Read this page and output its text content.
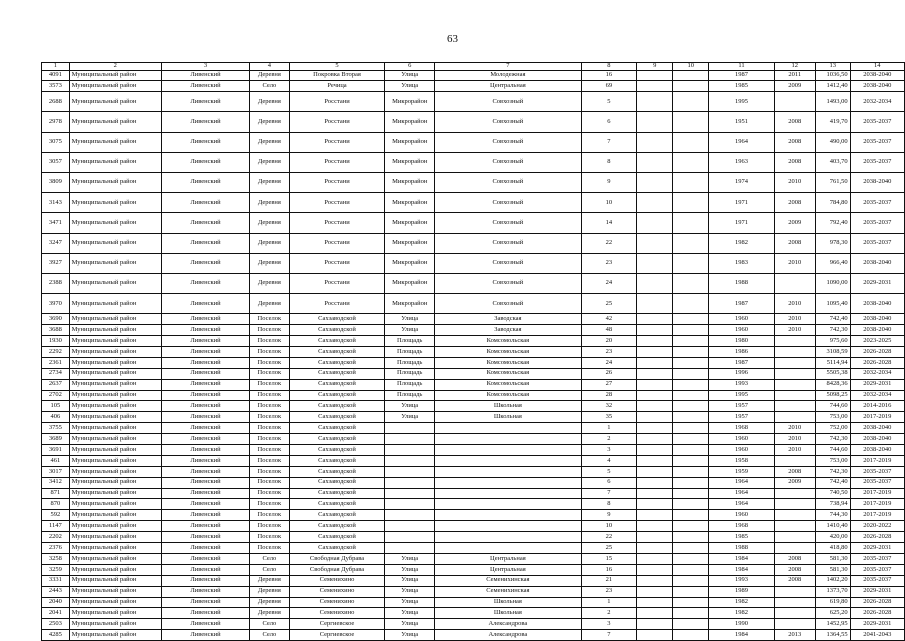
63
1	2	3	4	5	6	7	8	9	10	11	12	13	14
4091	Муниципальный район	Ливенский	Деревня	Покровка Вторая	Улица	Молодежная	16			1987	2011	1036,50	2038-2040
3573	Муниципальный район	Ливенский	Село	Речица	Улица	Центральная	69			1985	2009	1412,40	2038-2040
2688	Муниципальный район	Ливенский	Деревня	Росстани	Микрорайон	Совхозный	5			1995		1493,00	2032-2034
2978	Муниципальный район	Ливенский	Деревня	Росстани	Микрорайон	Совхозный	6			1951	2008	419,70	2035-2037
3075	Муниципальный район	Ливенский	Деревня	Росстани	Микрорайон	Совхозный	7			1964	2008	490,00	2035-2037
3057	Муниципальный район	Ливенский	Деревня	Росстани	Микрорайон	Совхозный	8			1963	2008	403,70	2035-2037
3809	Муниципальный район	Ливенский	Деревня	Росстани	Микрорайон	Совхозный	9			1974	2010	761,50	2038-2040
3143	Муниципальный район	Ливенский	Деревня	Росстани	Микрорайон	Совхозный	10			1971	2008	784,80	2035-2037
3471	Муниципальный район	Ливенский	Деревня	Росстани	Микрорайон	Совхозный	14			1971	2009	792,40	2035-2037
3247	Муниципальный район	Ливенский	Деревня	Росстани	Микрорайон	Совхозный	22			1982	2008	978,30	2035-2037
3927	Муниципальный район	Ливенский	Деревня	Росстани	Микрорайон	Совхозный	23			1983	2010	966,40	2038-2040
2388	Муниципальный район	Ливенский	Деревня	Росстани	Микрорайон	Совхозный	24			1988		1090,00	2029-2031
3970	Муниципальный район	Ливенский	Деревня	Росстани	Микрорайон	Совхозный	25			1987	2010	1095,40	2038-2040
3690	Муниципальный район	Ливенский	Поселок	Сахзаводской	Улица	Заводская	42			1960	2010	742,40	2038-2040
3688	Муниципальный район	Ливенский	Поселок	Сахзаводской	Улица	Заводская	48			1960	2010	742,30	2038-2040
1930	Муниципальный район	Ливенский	Поселок	Сахзаводской	Площадь	Комсомольская	20			1980		975,60	2023-2025
2292	Муниципальный район	Ливенский	Поселок	Сахзаводской	Площадь	Комсомольская	23			1986		3108,59	2026-2028
2361	Муниципальный район	Ливенский	Поселок	Сахзаводской	Площадь	Комсомольская	24			1987		5114,94	2026-2028
2734	Муниципальный район	Ливенский	Поселок	Сахзаводской	Площадь	Комсомольская	26			1996		5505,38	2032-2034
2637	Муниципальный район	Ливенский	Поселок	Сахзаводской	Площадь	Комсомольская	27			1993		8428,36	2029-2031
2702	Муниципальный район	Ливенский	Поселок	Сахзаводской	Площадь	Комсомольская	28			1995		5098,25	2032-2034
105	Муниципальный район	Ливенский	Поселок	Сахзаводской	Улица	Школьная	32			1957		744,60	2014-2016
406	Муниципальный район	Ливенский	Поселок	Сахзаводской	Улица	Школьная	35			1957		753,00	2017-2019
3755	Муниципальный район	Ливенский	Поселок	Сахзаводской			1			1968	2010	752,00	2038-2040
3689	Муниципальный район	Ливенский	Поселок	Сахзаводской			2			1960	2010	742,30	2038-2040
3691	Муниципальный район	Ливенский	Поселок	Сахзаводской			3			1960	2010	744,60	2038-2040
461	Муниципальный район	Ливенский	Поселок	Сахзаводской			4			1958		753,00	2017-2019
3017	Муниципальный район	Ливенский	Поселок	Сахзаводской			5			1959	2008	742,30	2035-2037
3412	Муниципальный район	Ливенский	Поселок	Сахзаводской			6			1964	2009	742,40	2035-2037
871	Муниципальный район	Ливенский	Поселок	Сахзаводской			7			1964		740,50	2017-2019
870	Муниципальный район	Ливенский	Поселок	Сахзаводской			8			1964		738,94	2017-2019
592	Муниципальный район	Ливенский	Поселок	Сахзаводской			9			1960		744,30	2017-2019
1147	Муниципальный район	Ливенский	Поселок	Сахзаводской			10			1968		1410,40	2020-2022
2202	Муниципальный район	Ливенский	Поселок	Сахзаводской			22			1985		420,00	2026-2028
2376	Муниципальный район	Ливенский	Поселок	Сахзаводской			25			1988		418,80	2029-2031
3258	Муниципальный район	Ливенский	Село	Свободная Дубрава	Улица	Центральная	15			1984	2008	581,30	2035-2037
3259	Муниципальный район	Ливенский	Село	Свободная Дубрава	Улица	Центральная	16			1984	2008	581,30	2035-2037
3331	Муниципальный район	Ливенский	Деревня	Семенихино	Улица	Семенихинская	21			1993	2008	1402,20	2035-2037
2443	Муниципальный район	Ливенский	Деревня	Семенихино	Улица	Семенихинская	23			1989		1373,70	2029-2031
2040	Муниципальный район	Ливенский	Деревня	Семенихино	Улица	Школьная	1			1982		619,80	2026-2028
2041	Муниципальный район	Ливенский	Деревня	Семенихино	Улица	Школьная	2			1982		625,20	2026-2028
2503	Муниципальный район	Ливенский	Село	Сергиевское	Улица	Александрова	3			1990		1452,95	2029-2031
4285	Муниципальный район	Ливенский	Село	Сергиевское	Улица	Александрова	7			1984	2013	1364,55	2041-2043
